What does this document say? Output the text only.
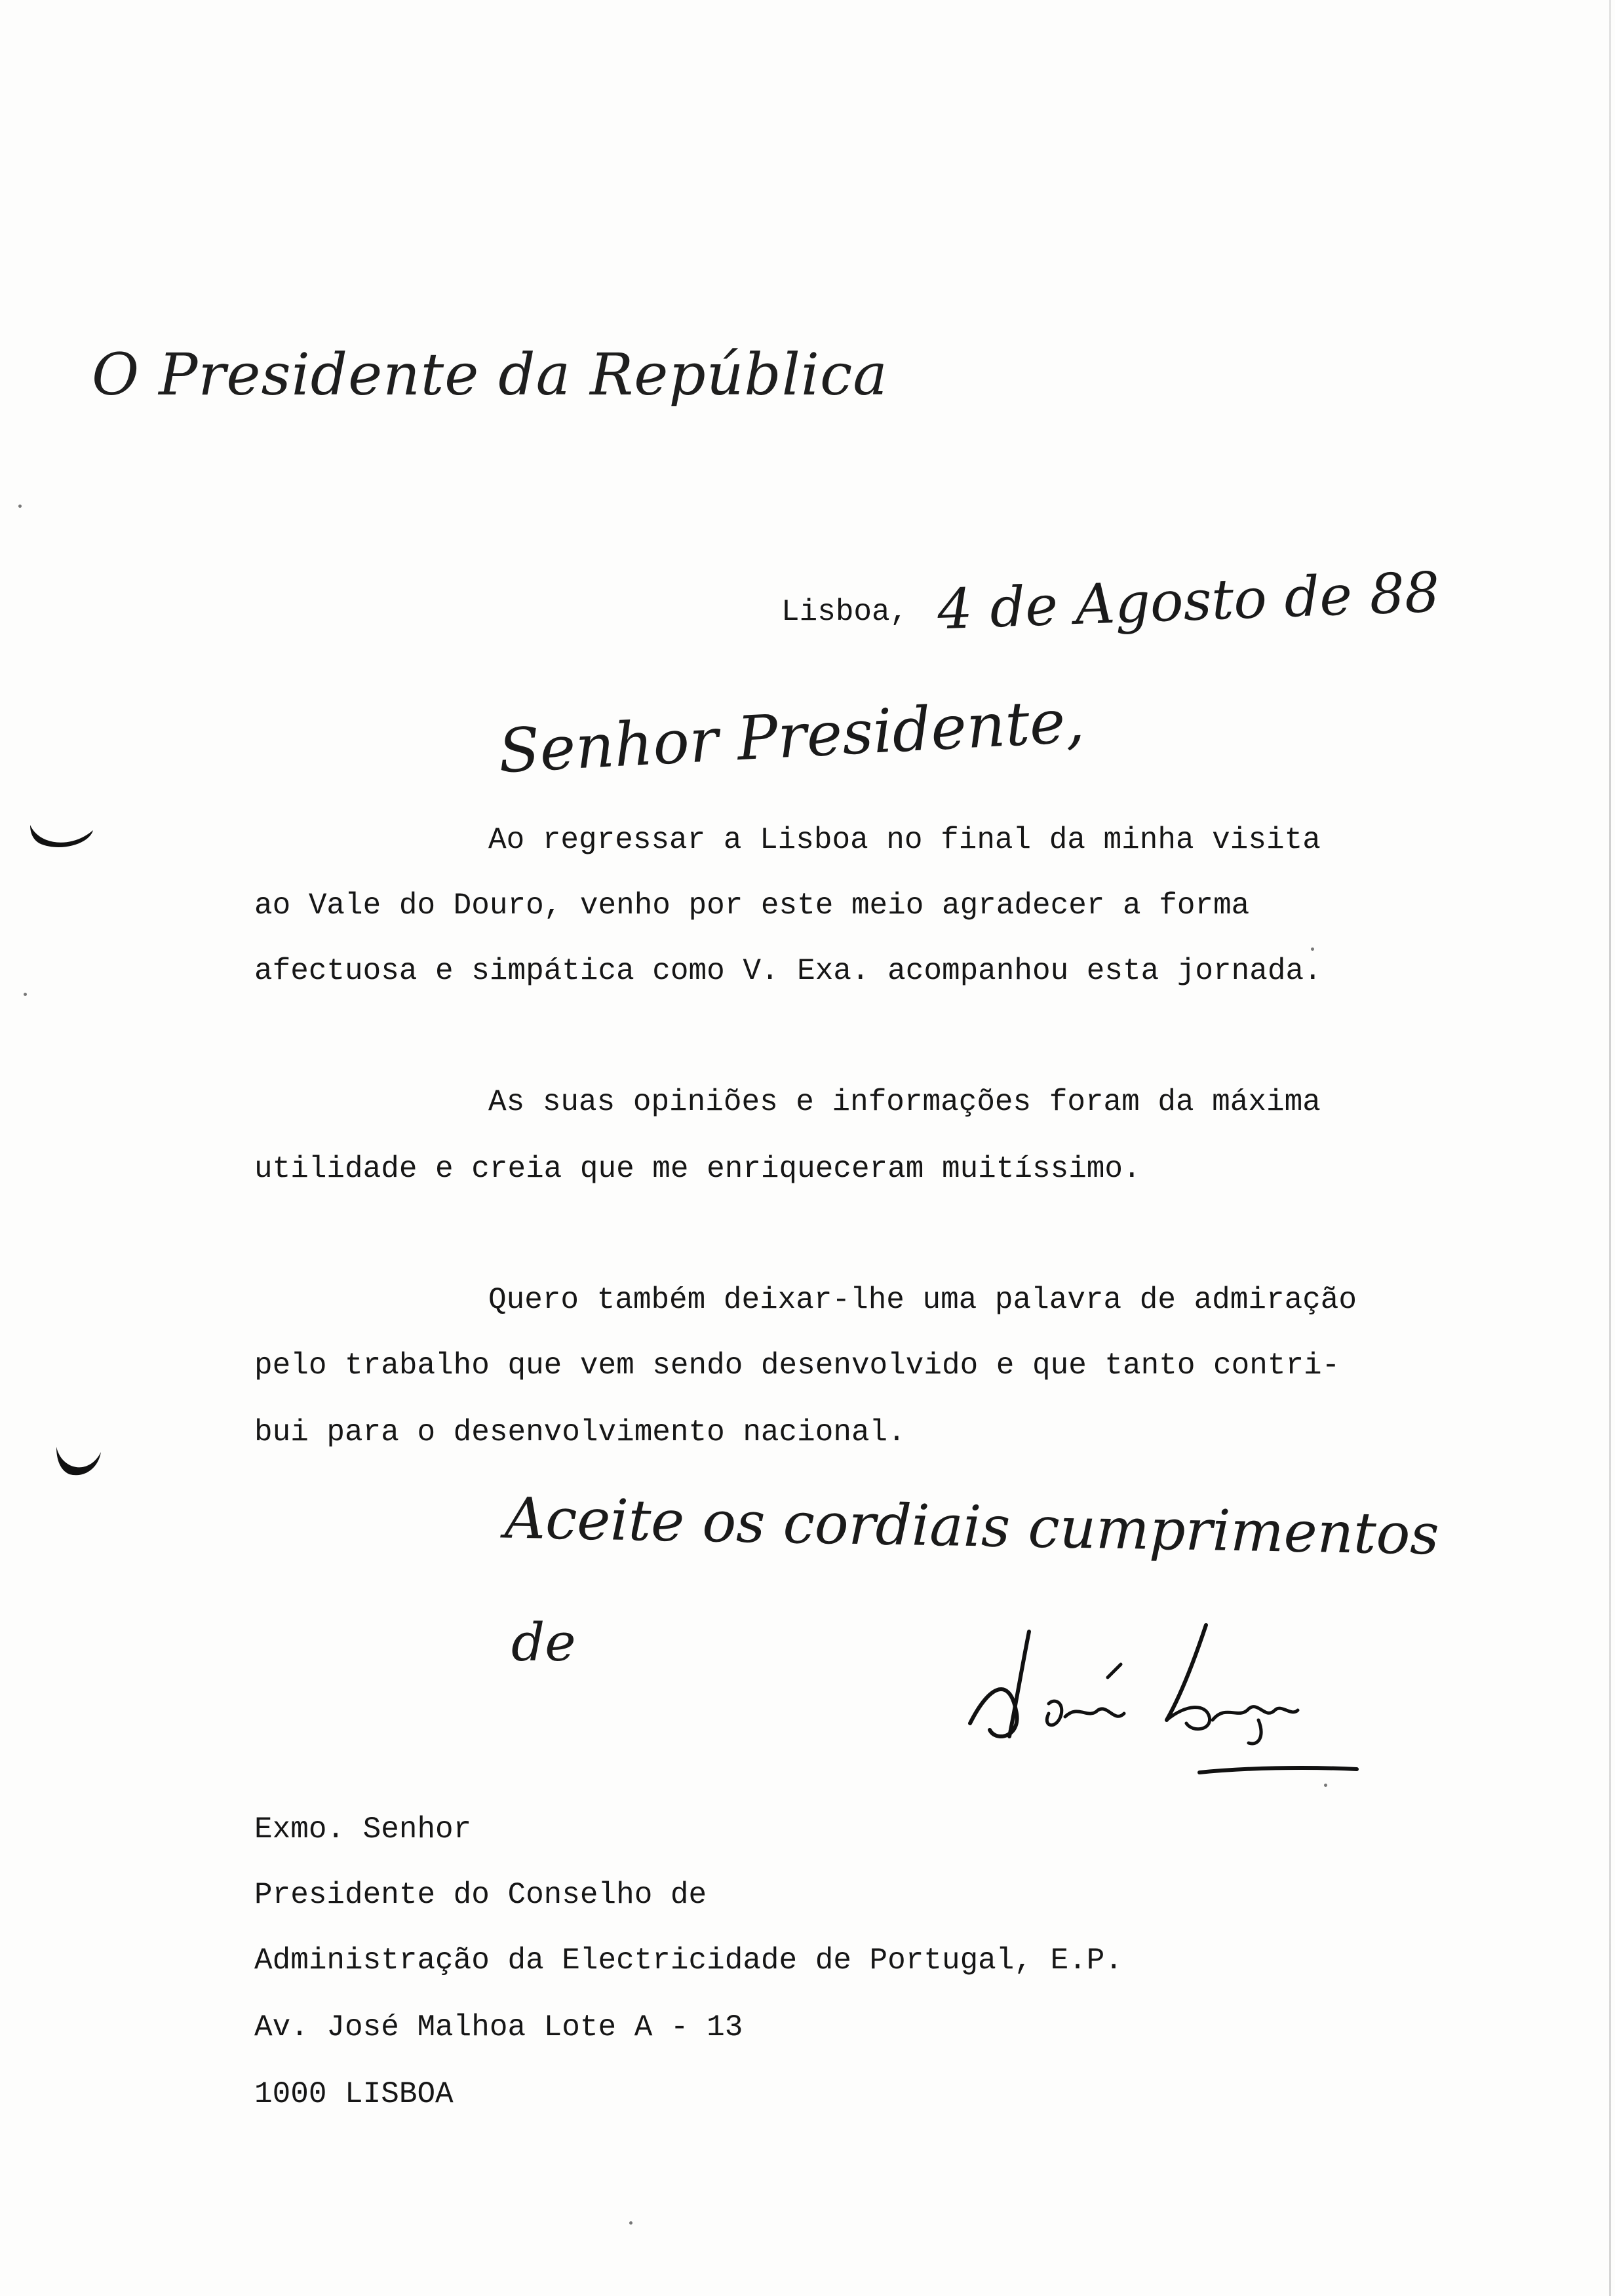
O Presidente da República
Lisboa, 4 de Agosto de 88
Senhor Presidente,
Ao regressar a Lisboa no final da minha visita
ao Vale do Douro, venho por este meio agradecer a forma
afectuosa e simpática como V. Exa. acompanhou esta jornada.
As suas opiniões e informações foram da máxima
utilidade e creia que me enriqueceram muitíssimo.
Quero também deixar-lhe uma palavra de admiração
pelo trabalho que vem sendo desenvolvido e que tanto contri-
bui para o desenvolvimento nacional.
Aceite os cordiais cumprimentos
de
Exmo. Senhor
Presidente do Conselho de
Administração da Electricidade de Portugal, E.P.
Av. José Malhoa Lote A - 13
1000 LISBOA
